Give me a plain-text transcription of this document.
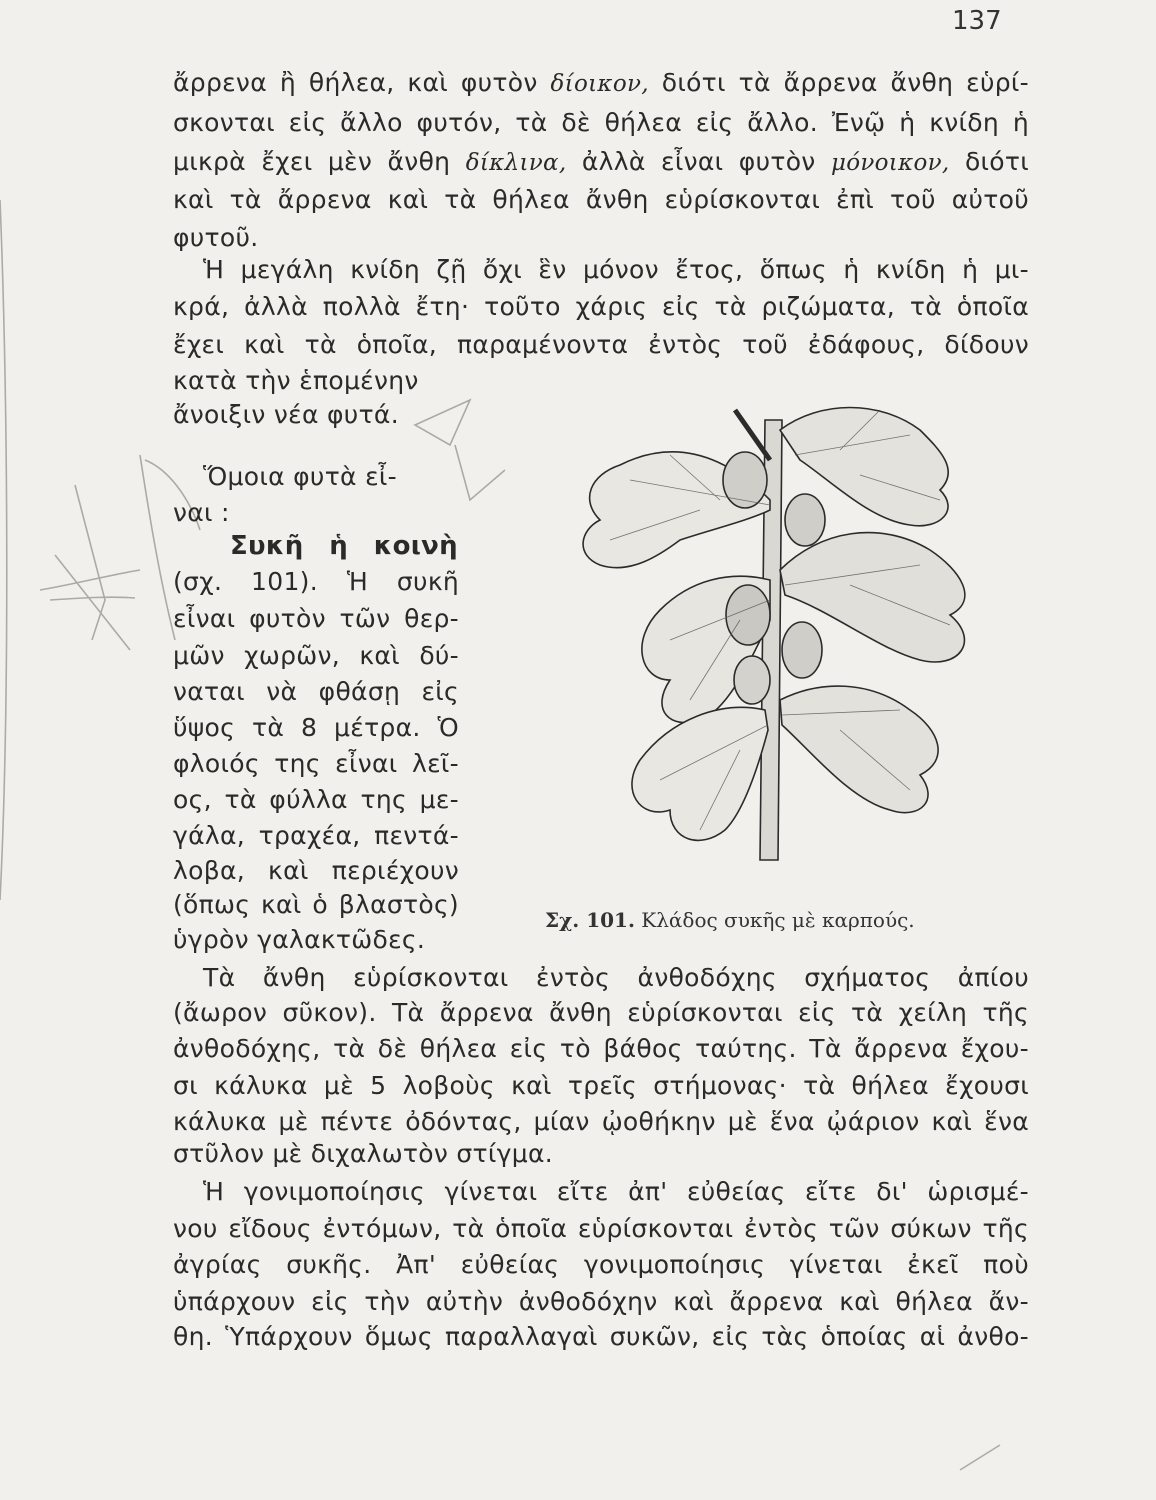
137
ἄρρενα ἢ θήλεα, καὶ φυτὸν δίοικον, διότι τὰ ἄρρενα ἄνθη εὑρί-
σκονται εἰς ἄλλο φυτόν, τὰ δὲ θήλεα εἰς ἄλλο. Ἐνῷ ἡ κνίδη ἡ
μικρὰ ἔχει μὲν ἄνθη δίκλινα, ἀλλὰ εἶναι φυτὸν μόνοικον, διότι
καὶ τὰ ἄρρενα καὶ τὰ θήλεα ἄνθη εὑρίσκονται ἐπὶ τοῦ αὐτοῦ
φυτοῦ.
Ἡ μεγάλη κνίδη ζῇ ὄχι ἓν μόνον ἔτος, ὅπως ἡ κνίδη ἡ μι-
κρά, ἀλλὰ πολλὰ ἔτη· τοῦτο χάρις εἰς τὰ ριζώματα, τὰ ὁποῖα
ἔχει καὶ τὰ ὁποῖα, παραμένοντα ἐντὸς τοῦ ἐδάφους, δίδουν
κατὰ τὴν ἑπομένην
ἄνοιξιν νέα φυτά.
Ὅμοια φυτὰ εἶ-
ναι :
Συκῆ ἡ κοινὴ
(σχ. 101). Ἡ συκῆ
εἶναι φυτὸν τῶν θερ-
μῶν χωρῶν, καὶ δύ-
ναται νὰ φθάσῃ εἰς
ὕψος τὰ 8 μέτρα. Ὁ
φλοιός της εἶναι λεῖ-
ος, τὰ φύλλα της με-
γάλα, τραχέα, πεντά-
λοβα, καὶ περιέχουν
(ὅπως καὶ ὁ βλαστὸς)
ὑγρὸν γαλακτῶδες.
Σχ. 101. Κλάδος συκῆς μὲ καρπούς.
Τὰ ἄνθη εὑρίσκονται ἐντὸς ἀνθοδόχης σχήματος ἀπίου
(ἄωρον σῦκον). Τὰ ἄρρενα ἄνθη εὑρίσκονται εἰς τὰ χείλη τῆς
ἀνθοδόχης, τὰ δὲ θήλεα εἰς τὸ βάθος ταύτης. Τὰ ἄρρενα ἔχου-
σι κάλυκα μὲ 5 λοβοὺς καὶ τρεῖς στήμονας· τὰ θήλεα ἔχουσι
κάλυκα μὲ πέντε ὀδόντας, μίαν ᾠοθήκην μὲ ἕνα ᾠάριον καὶ ἕνα
στῦλον μὲ διχαλωτὸν στίγμα.
Ἡ γονιμοποίησις γίνεται εἴτε ἀπ' εὐθείας εἴτε δι' ὡρισμέ-
νου εἴδους ἐντόμων, τὰ ὁποῖα εὑρίσκονται ἐντὸς τῶν σύκων τῆς
ἀγρίας συκῆς. Ἀπ' εὐθείας γονιμοποίησις γίνεται ἐκεῖ ποὺ
ὑπάρχουν εἰς τὴν αὐτὴν ἀνθοδόχην καὶ ἄρρενα καὶ θήλεα ἄν-
θη. Ὑπάρχουν ὅμως παραλλαγαὶ συκῶν, εἰς τὰς ὁποίας αἱ ἀνθο-
